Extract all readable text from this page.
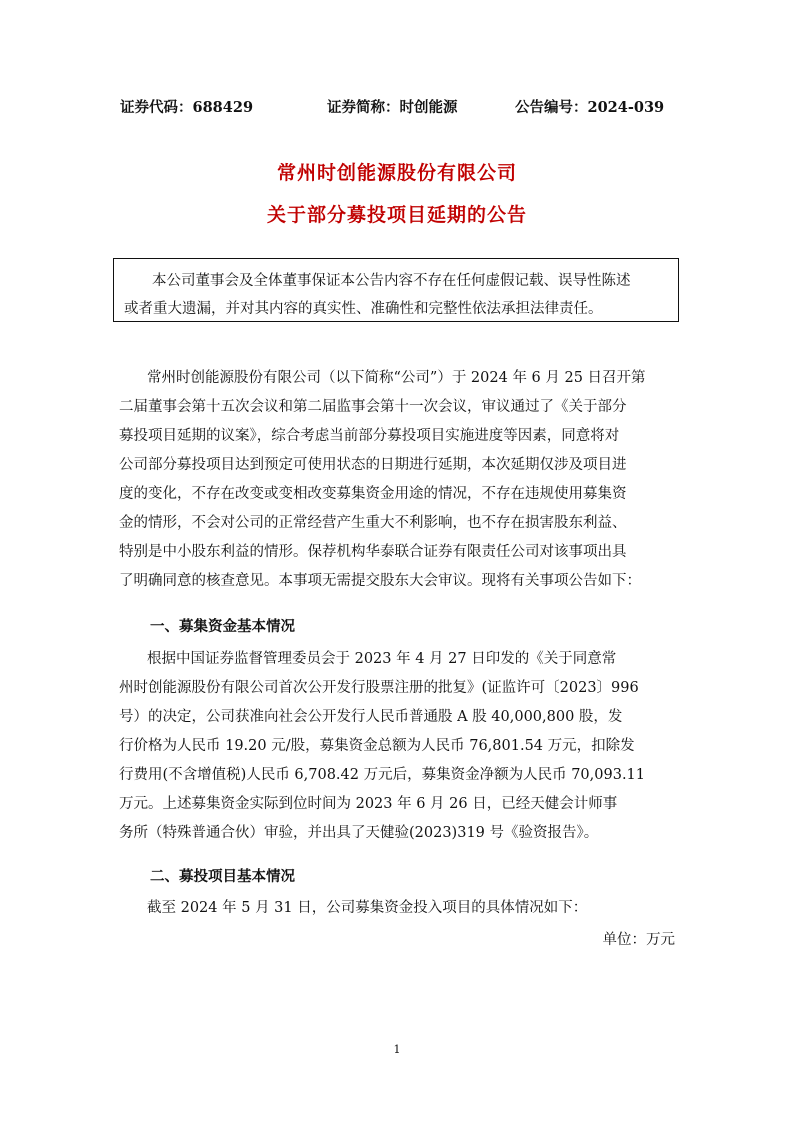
证券代码：688429	证券简称：时创能源	公告编号：2024-039
常州时创能源股份有限公司
关于部分募投项目延期的公告
本公司董事会及全体董事保证本公告内容不存在任何虚假记载、误导性陈述
或者重大遗漏，并对其内容的真实性、准确性和完整性依法承担法律责任。
常州时创能源股份有限公司（以下简称“公司”）于 2024 年 6 月 25 日召开第
二届董事会第十五次会议和第二届监事会第十一次会议，审议通过了《关于部分
募投项目延期的议案》，综合考虑当前部分募投项目实施进度等因素，同意将对
公司部分募投项目达到预定可使用状态的日期进行延期，本次延期仅涉及项目进
度的变化，不存在改变或变相改变募集资金用途的情况，不存在违规使用募集资
金的情形，不会对公司的正常经营产生重大不利影响，也不存在损害股东利益、
特别是中小股东利益的情形。保荐机构华泰联合证券有限责任公司对该事项出具
了明确同意的核查意见。本事项无需提交股东大会审议。现将有关事项公告如下：
一、募集资金基本情况
根据中国证券监督管理委员会于 2023 年 4 月 27 日印发的《关于同意常
州时创能源股份有限公司首次公开发行股票注册的批复》(证监许可〔2023〕996
号）的决定，公司获准向社会公开发行人民币普通股 A 股 40,000,800 股，发
行价格为人民币 19.20 元/股，募集资金总额为人民币 76,801.54 万元，扣除发
行费用(不含增值税)人民币 6,708.42 万元后，募集资金净额为人民币 70,093.11
万元。上述募集资金实际到位时间为 2023 年 6 月 26 日，已经天健会计师事
务所（特殊普通合伙）审验，并出具了天健验(2023)319 号《验资报告》。
二、募投项目基本情况
截至 2024 年 5 月 31 日，公司募集资金投入项目的具体情况如下：
单位：万元
1
